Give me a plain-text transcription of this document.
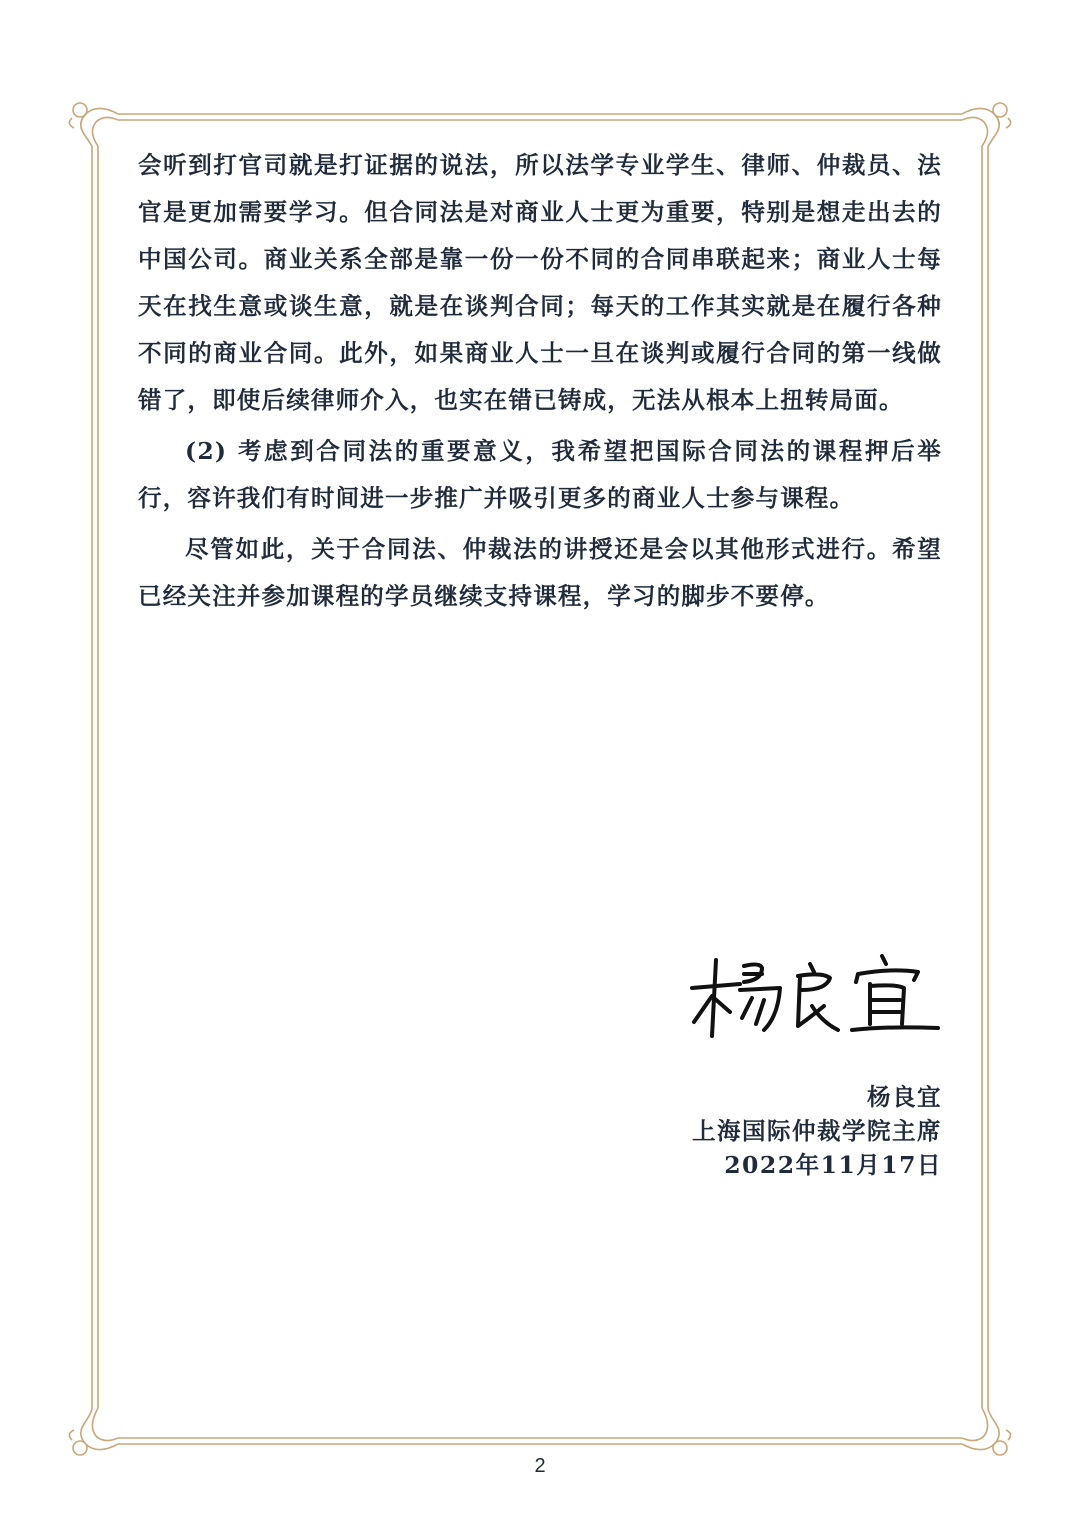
会听到打官司就是打证据的说法，所以法学专业学生、律师、仲裁员、法官是更加需要学习。但合同法是对商业人士更为重要，特别是想走出去的中国公司。商业关系全部是靠一份一份不同的合同串联起来；商业人士每天在找生意或谈生意，就是在谈判合同；每天的工作其实就是在履行各种不同的商业合同。此外，如果商业人士一旦在谈判或履行合同的第一线做错了，即使后续律师介入，也实在错已铸成，无法从根本上扭转局面。

(2) 考虑到合同法的重要意义，我希望把国际合同法的课程押后举行，容许我们有时间进一步推广并吸引更多的商业人士参与课程。

尽管如此，关于合同法、仲裁法的讲授还是会以其他形式进行。希望已经关注并参加课程的学员继续支持课程，学习的脚步不要停。

杨良宜
上海国际仲裁学院主席
2022年11月17日
2
